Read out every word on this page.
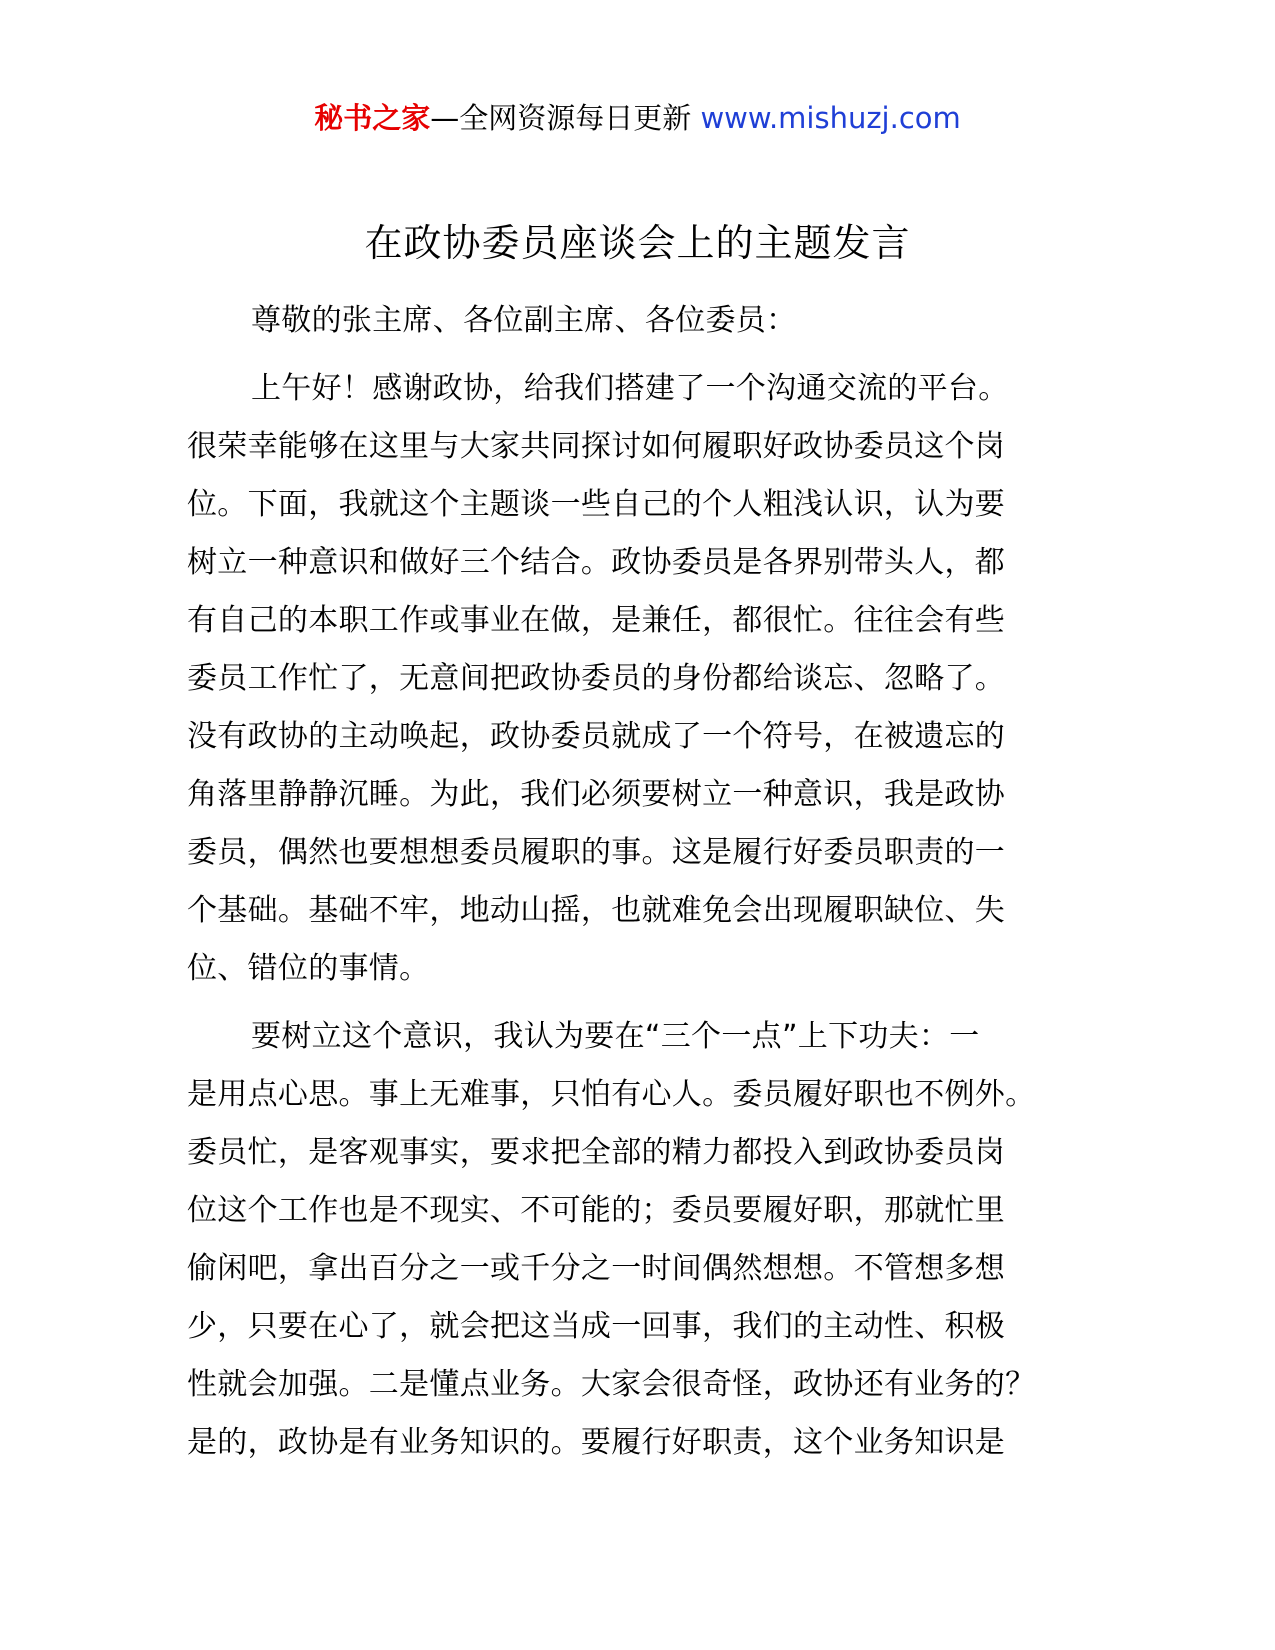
秘书之家—全网资源每日更新 www.mishuzj.com
在政协委员座谈会上的主题发言
尊敬的张主席、各位副主席、各位委员：
上午好！感谢政协，给我们搭建了一个沟通交流的平台。
很荣幸能够在这里与大家共同探讨如何履职好政协委员这个岗
位。下面，我就这个主题谈一些自己的个人粗浅认识，认为要
树立一种意识和做好三个结合。政协委员是各界别带头人，都
有自己的本职工作或事业在做，是兼任，都很忙。往往会有些
委员工作忙了，无意间把政协委员的身份都给谈忘、忽略了。
没有政协的主动唤起，政协委员就成了一个符号，在被遗忘的
角落里静静沉睡。为此，我们必须要树立一种意识，我是政协
委员，偶然也要想想委员履职的事。这是履行好委员职责的一
个基础。基础不牢，地动山摇，也就难免会出现履职缺位、失
位、错位的事情。
要树立这个意识，我认为要在“三个一点”上下功夫：一
是用点心思。事上无难事，只怕有心人。委员履好职也不例外。
委员忙，是客观事实，要求把全部的精力都投入到政协委员岗
位这个工作也是不现实、不可能的；委员要履好职，那就忙里
偷闲吧，拿出百分之一或千分之一时间偶然想想。不管想多想
少，只要在心了，就会把这当成一回事，我们的主动性、积极
性就会加强。二是懂点业务。大家会很奇怪，政协还有业务的？
是的，政协是有业务知识的。要履行好职责，这个业务知识是
